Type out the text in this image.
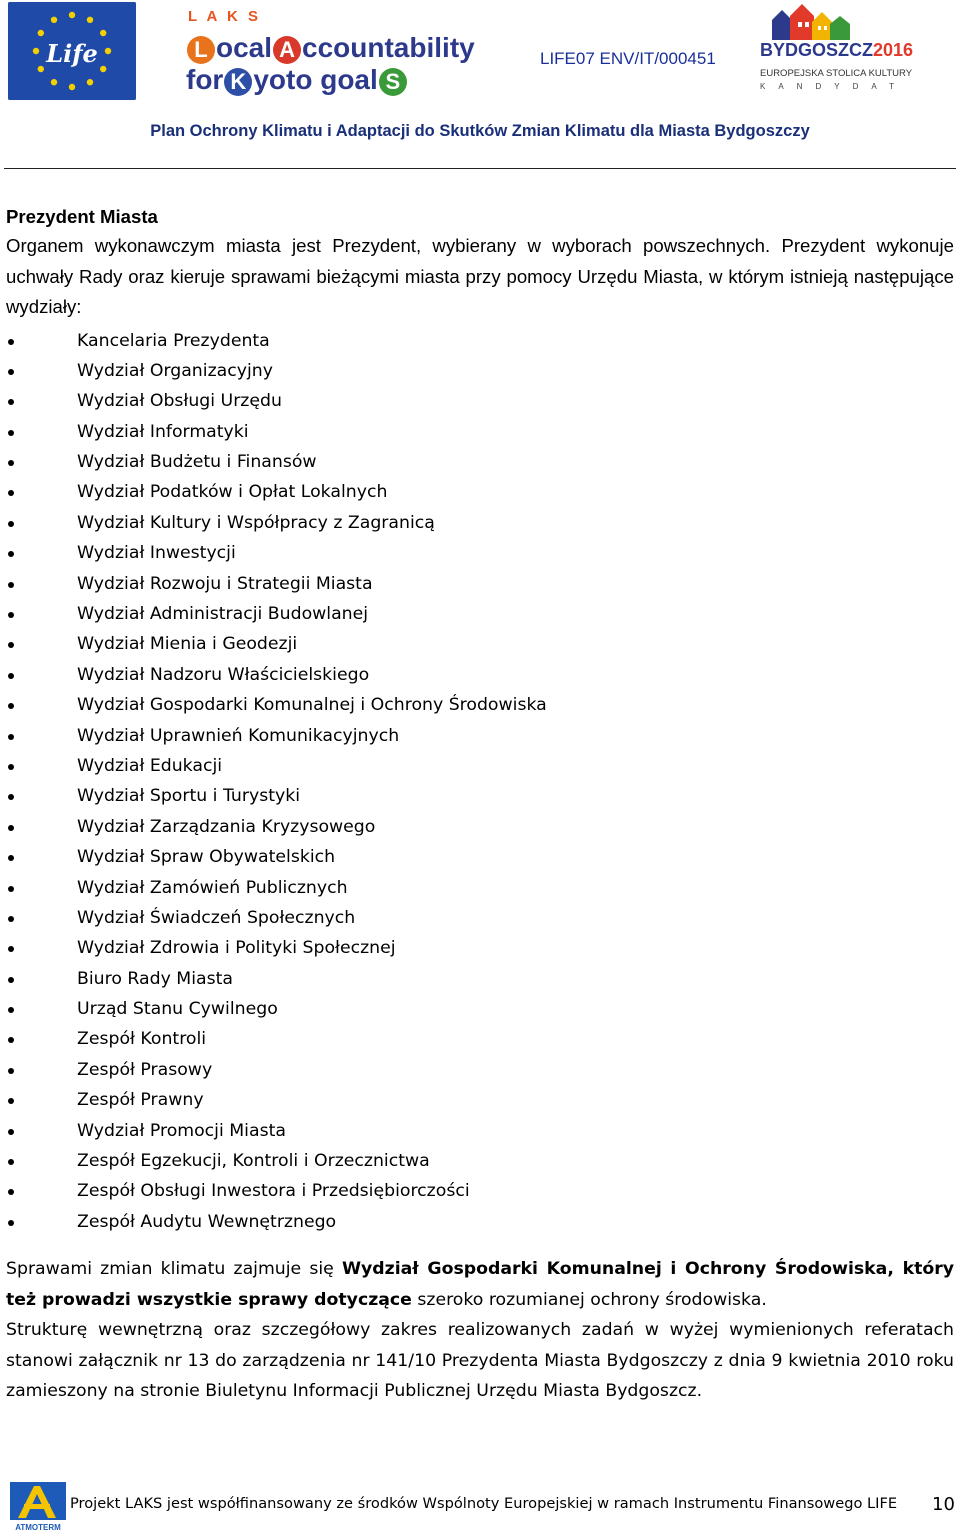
Life
L A K S
L ocal A ccountability
for K yoto goal S
LIFE07 ENV/IT/000451 BYDGOSZCZ2016
EUROPEJSKA STOLICA KULTURY
KANDYDAT
Plan Ochrony Klimatu i Adaptacji do Skutków Zmian Klimatu dla Miasta Bydgoszczy
Prezydent Miasta
Organem wykonawczym miasta jest Prezydent, wybierany w wyborach powszechnych. Prezydent wykonuje uchwały Rady oraz kieruje sprawami bieżącymi miasta przy pomocy Urzędu Miasta, w którym istnieją następujące wydziały:
Kancelaria Prezydenta
Wydział Organizacyjny
Wydział Obsługi Urzędu
Wydział Informatyki
Wydział Budżetu i Finansów
Wydział Podatków i Opłat Lokalnych
Wydział Kultury i Współpracy z Zagranicą
Wydział Inwestycji
Wydział Rozwoju i Strategii Miasta
Wydział Administracji Budowlanej
Wydział Mienia i Geodezji
Wydział Nadzoru Właścicielskiego
Wydział Gospodarki Komunalnej i Ochrony Środowiska
Wydział Uprawnień Komunikacyjnych
Wydział Edukacji
Wydział Sportu i Turystyki
Wydział Zarządzania Kryzysowego
Wydział Spraw Obywatelskich
Wydział Zamówień Publicznych
Wydział Świadczeń Społecznych
Wydział Zdrowia i Polityki Społecznej
Biuro Rady Miasta
Urząd Stanu Cywilnego
Zespół Kontroli
Zespół Prasowy
Zespół Prawny
Wydział Promocji Miasta
Zespół Egzekucji, Kontroli i Orzecznictwa
Zespół Obsługi Inwestora i Przedsiębiorczości
Zespół Audytu Wewnętrznego
Sprawami zmian klimatu zajmuje się Wydział Gospodarki Komunalnej i Ochrony Środowiska, który też prowadzi wszystkie sprawy dotyczące szeroko rozumianej ochrony środowiska.
Strukturę wewnętrzną oraz szczegółowy zakres realizowanych zadań w wyżej wymienionych referatach stanowi załącznik nr 13 do zarządzenia nr 141/10 Prezydenta Miasta Bydgoszczy z dnia 9 kwietnia 2010 roku zamieszony na stronie Biuletynu Informacji Publicznej Urzędu Miasta Bydgoszcz.
ATMOTERM
Projekt LAKS jest współfinansowany ze środków Wspólnoty Europejskiej w ramach Instrumentu Finansowego LIFE 10
